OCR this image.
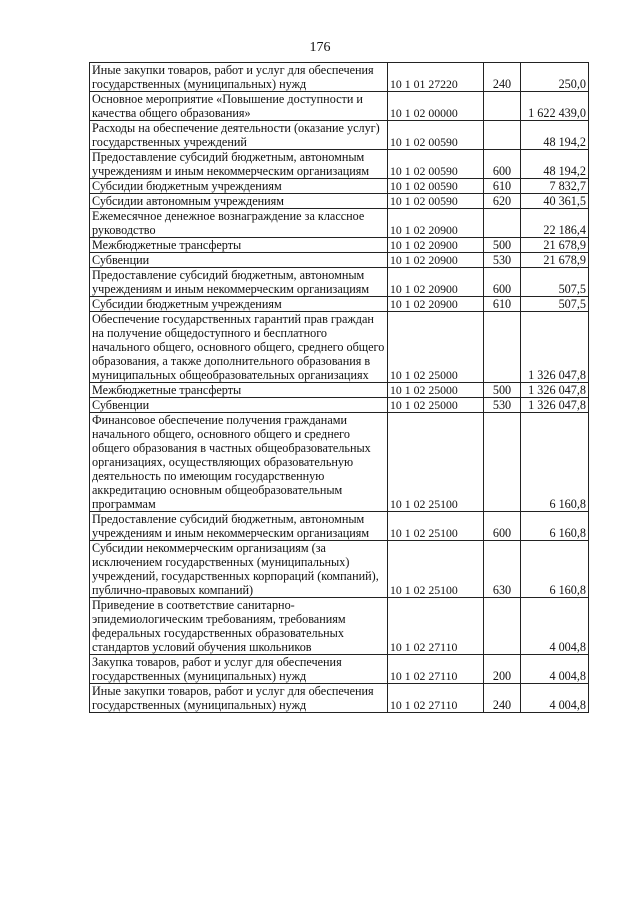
176
Иные закупки товаров, работ и услуг для обеспечения государственных (муниципальных) нужд	10 1 01 27220	240	250,0
Основное мероприятие «Повышение доступности и качества общего образования»	10 1 02 00000		1 622 439,0
Расходы на обеспечение деятельности (оказание услуг) государственных учреждений	10 1 02 00590		48 194,2
Предоставление субсидий бюджетным, автономным учреждениям и иным некоммерческим организациям	10 1 02 00590	600	48 194,2
Субсидии бюджетным учреждениям	10 1 02 00590	610	7 832,7
Субсидии автономным учреждениям	10 1 02 00590	620	40 361,5
Ежемесячное денежное вознаграждение за классное руководство	10 1 02 20900		22 186,4
Межбюджетные трансферты	10 1 02 20900	500	21 678,9
Субвенции	10 1 02 20900	530	21 678,9
Предоставление субсидий бюджетным, автономным учреждениям и иным некоммерческим организациям	10 1 02 20900	600	507,5
Субсидии бюджетным учреждениям	10 1 02 20900	610	507,5
Обеспечение государственных гарантий прав граждан на получение общедоступного и бесплатного начального общего, основного общего, среднего общего образования, а также дополнительного образования в муниципальных общеобразовательных организациях	10 1 02 25000		1 326 047,8
Межбюджетные трансферты	10 1 02 25000	500	1 326 047,8
Субвенции	10 1 02 25000	530	1 326 047,8
Финансовое обеспечение получения гражданами начального общего, основного общего и среднего общего образования в частных общеобразовательных организациях, осуществляющих образовательную деятельность по имеющим государственную аккредитацию основным общеобразовательным программам	10 1 02 25100		6 160,8
Предоставление субсидий бюджетным, автономным учреждениям и иным некоммерческим организациям	10 1 02 25100	600	6 160,8
Субсидии некоммерческим организациям (за исключением государственных (муниципальных) учреждений, государственных корпораций (компаний), публично-правовых компаний)	10 1 02 25100	630	6 160,8
Приведение в соответствие санитарно-эпидемиологическим требованиям, требованиям федеральных государственных образовательных стандартов условий обучения школьников	10 1 02 27110		4 004,8
Закупка товаров, работ и услуг для обеспечения государственных (муниципальных) нужд	10 1 02 27110	200	4 004,8
Иные закупки товаров, работ и услуг для обеспечения государственных (муниципальных) нужд	10 1 02 27110	240	4 004,8
